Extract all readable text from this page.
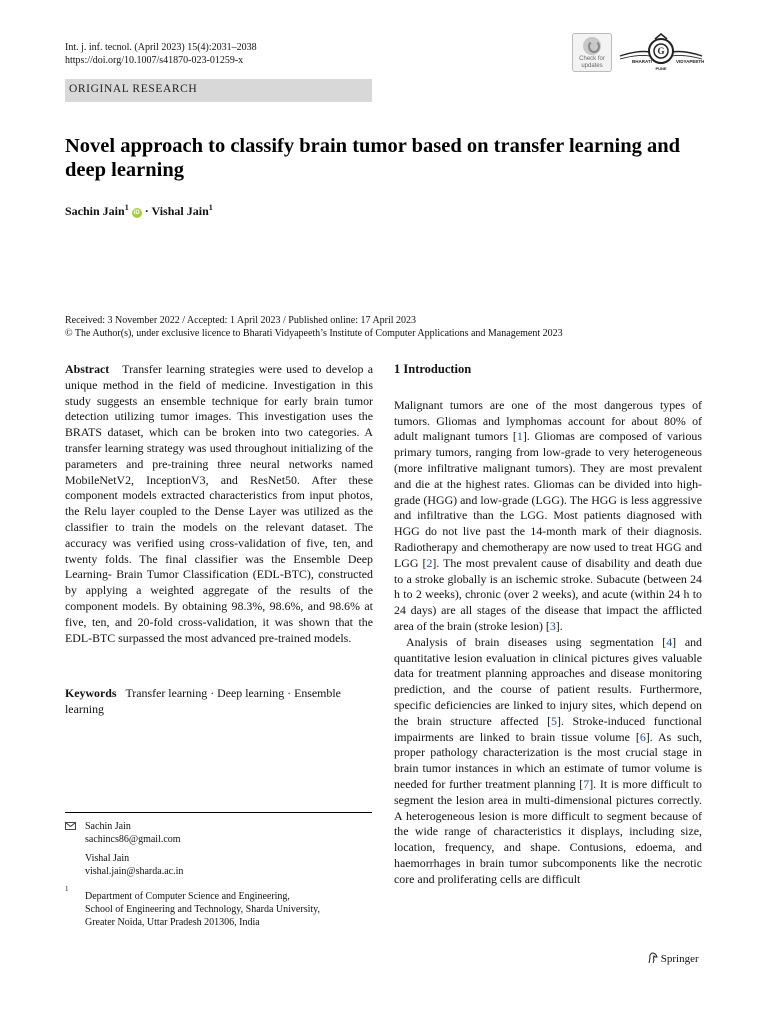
Int. j. inf. tecnol. (April 2023) 15(4):2031–2038
https://doi.org/10.1007/s41870-023-01259-x	Check for
updates
G
BHARATI	VIDYAPEETH
PUNE
ORIGINAL RESEARCH
Novel approach to classify brain tumor based on transfer learning and deep learning
Sachin Jain$^1$ iD · Vishal Jain$^1$
Received: 3 November 2022 / Accepted: 1 April 2023 / Published online: 17 April 2023
© The Author(s), under exclusive licence to Bharati Vidyapeeth’s Institute of Computer Applications and Management 2023

Abstract Transfer learning strategies were used to develop a unique method in the field of medicine. Investigation in this study suggests an ensemble technique for early brain tumor detection utilizing tumor images. This investigation uses the BRATS dataset, which can be broken into two categories. A transfer learning strategy was used throughout initializing of the parameters and pre-training three neural networks named MobileNetV2, InceptionV3, and ResNet50. After these component models extracted characteristics from input photos, the Relu layer coupled to the Dense Layer was utilized as the classifier to train the models on the relevant dataset. The accuracy was verified using cross-validation of five, ten, and twenty folds. The final classifier was the Ensemble Deep Learning- Brain Tumor Classification (EDL-BTC), constructed by applying a weighted aggregate of the results of the component models. By obtaining 98.3%, 98.6%, and 98.6% at five, ten, and 20-fold cross-validation, it was shown that the EDL-BTC surpassed the most advanced pre-trained models.

Keywords Transfer learning · Deep learning · Ensemble learning

Sachin Jain
sachincs86@gmail.com
Vishal Jain
vishal.jain@sharda.ac.in
1
Department of Computer Science and Engineering,
School of Engineering and Technology, Sharda University,
Greater Noida, Uttar Pradesh 201306, India

1 Introduction

Malignant tumors are one of the most dangerous types of tumors. Gliomas and lymphomas account for about 80% of adult malignant tumors [1]. Gliomas are composed of various primary tumors, ranging from low-grade to very heterogeneous (more infiltrative malignant tumors). They are most prevalent and die at the highest rates. Gliomas can be divided into high-grade (HGG) and low-grade (LGG). The HGG is less aggressive and infiltrative than the LGG. Most patients diagnosed with HGG do not live past the 14-month mark of their diagnosis. Radiotherapy and chemotherapy are now used to treat HGG and LGG [2]. The most prevalent cause of disability and death due to a stroke globally is an ischemic stroke. Subacute (between 24 h to 2 weeks), chronic (over 2 weeks), and acute (within 24 h to 24 days) are all stages of the disease that impact the afflicted area of the brain (stroke lesion) [3].

Analysis of brain diseases using segmentation [4] and quantitative lesion evaluation in clinical pictures gives valuable data for treatment planning approaches and disease monitoring prediction, and the course of patient results. Furthermore, specific deficiencies are linked to injury sites, which depend on the brain structure affected [5]. Stroke-induced functional impairments are linked to brain tissue volume [6]. As such, proper pathology characterization is the most crucial stage in brain tumor instances in which an estimate of tumor volume is needed for further treatment planning [7]. It is more difficult to segment the lesion area in multi-dimensional pictures correctly. A heterogeneous lesion is more difficult to segment because of the wide range of characteristics it displays, including size, location, frequency, and shape. Contusions, edoema, and haemorrhages in brain tumor subcomponents like the necrotic core and proliferating cells are difficult

Springer
